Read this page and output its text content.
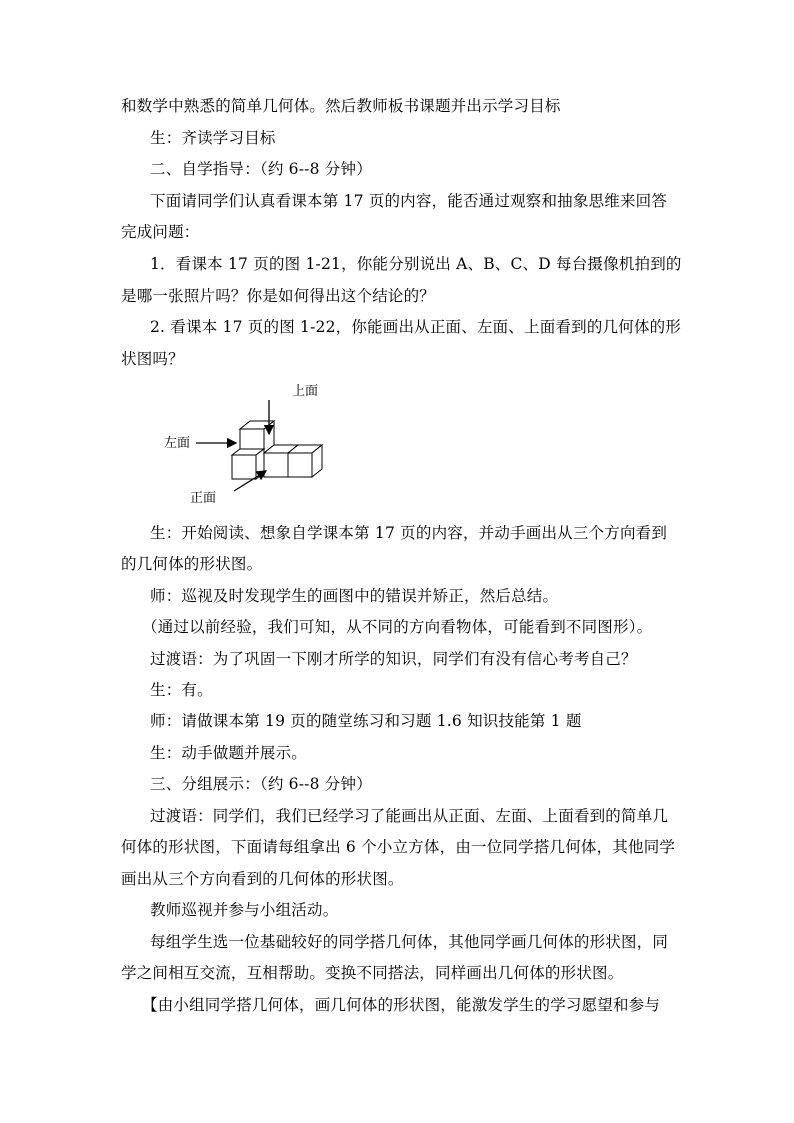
和数学中熟悉的简单几何体。然后教师板书课题并出示学习目标
生：齐读学习目标
二、自学指导：（约 6--8 分钟）
下面请同学们认真看课本第 17 页的内容，能否通过观察和抽象思维来回答
完成问题：
1．看课本 17 页的图 1-21，你能分别说出 A、B、C、D 每台摄像机拍到的
是哪一张照片吗？你是如何得出这个结论的？
2. 看课本 17 页的图 1-22，你能画出从正面、左面、上面看到的几何体的形
状图吗？
上面
左面
正面
生：开始阅读、想象自学课本第 17 页的内容，并动手画出从三个方向看到
的几何体的形状图。
师：巡视及时发现学生的画图中的错误并矫正，然后总结。
（通过以前经验，我们可知，从不同的方向看物体，可能看到不同图形）。
过渡语：为了巩固一下刚才所学的知识，同学们有没有信心考考自己？
生：有。
师：请做课本第 19 页的随堂练习和习题 1.6 知识技能第 1 题
生：动手做题并展示。
三、分组展示：（约 6--8 分钟）
过渡语：同学们，我们已经学习了能画出从正面、左面、上面看到的简单几
何体的形状图，下面请每组拿出 6 个小立方体，由一位同学搭几何体，其他同学
画出从三个方向看到的几何体的形状图。
教师巡视并参与小组活动。
每组学生选一位基础较好的同学搭几何体，其他同学画几何体的形状图，同
学之间相互交流，互相帮助。变换不同搭法，同样画出几何体的形状图。
【由小组同学搭几何体，画几何体的形状图，能激发学生的学习愿望和参与
